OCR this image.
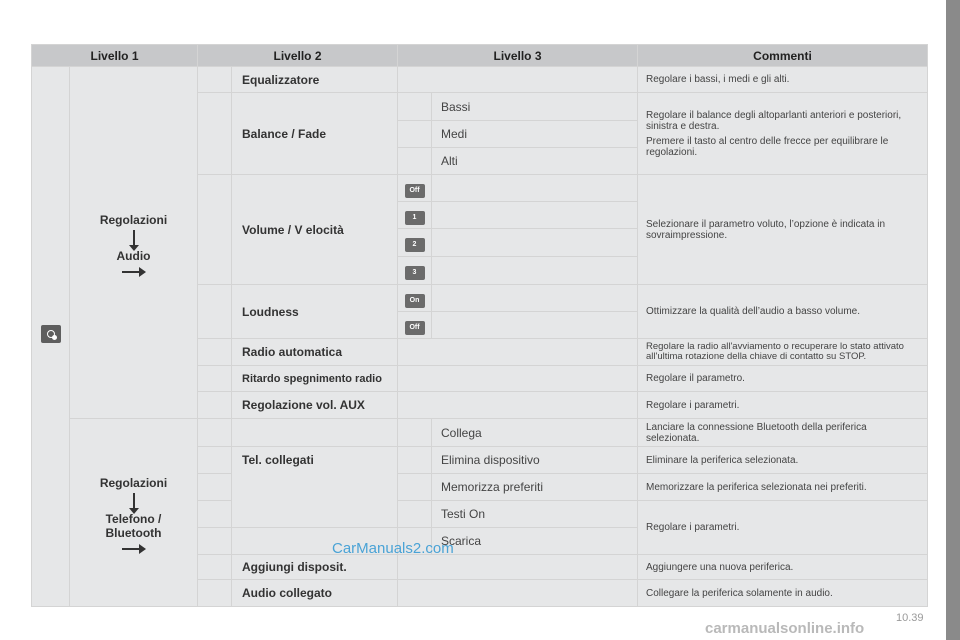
Livello 1		Livello 2		Livello 3		Commenti

	Regolazioni
Audio		Equalizzatore			Regolare i bassi, i medi e gli alti.
			Balance / Fade		Bassi	Regolare il balance degli altoparlanti anteriori e posteriori, sinistra e destra.

Premere il tasto al centro delle frecce per equilibrare le regolazioni.

					Medi	
					Alti	
			Volume / V elocità	Off		Selezionare il parametro voluto, l’opzione è indicata in sovraimpressione.
				1		
				2		
				3		
			Loudness	On		Ottimizzare la qualità dell’audio a basso volume.
				Off		
			Radio automatica			Regolare la radio all'avviamento o recuperare lo stato attivato all'ultima rotazione della chiave di contatto su STOP.
			Ritardo spegnimento radio			Regolare il parametro.
			Regolazione vol. AUX			Regolare i parametri.

	Regolazioni
Telefono / Bluetooth				Collega	Lanciare la connessione Bluetooth della periferica selezionata.
			Tel. collegati		Elimina dispositivo	Eliminare la periferica selezionata.
					Memorizza preferiti	Memorizzare la periferica selezionata nei preferiti.
					Testi On	Regolare i parametri.
					Scarica	
			Aggiungi disposit.			Aggiungere una nuova periferica.
			Audio collegato			Collegare la periferica solamente in audio.
CarManuals2.com
carmanualsonline.info
10.39
